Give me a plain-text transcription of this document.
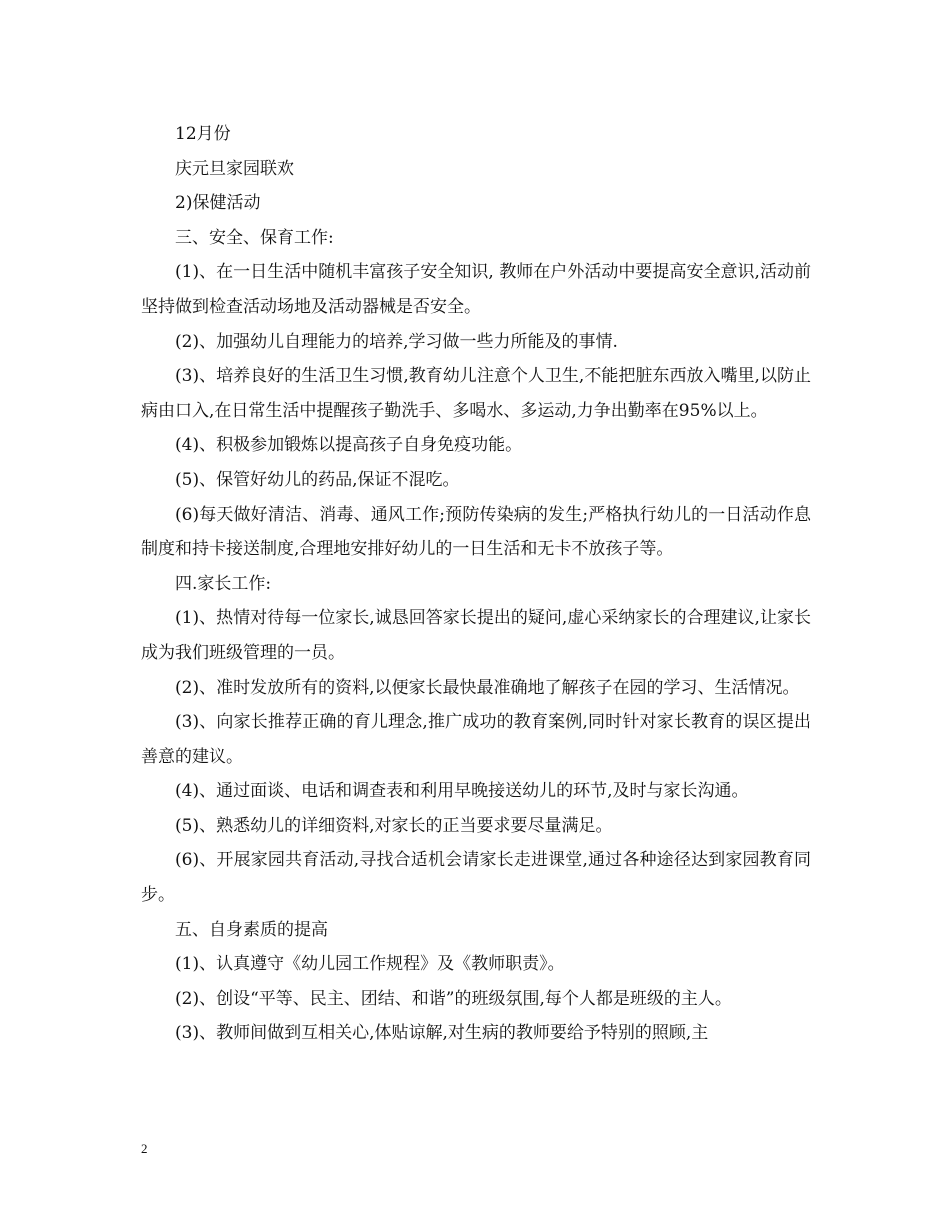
12月份

庆元旦家园联欢

2)保健活动

三、安全、保育工作:

(1)、在一日生活中随机丰富孩子安全知识, 教师在户外活动中要提高安全意识,活动前坚持做到检查活动场地及活动器械是否安全。

(2)、加强幼儿自理能力的培养,学习做一些力所能及的事情.

(3)、培养良好的生活卫生习惯,教育幼儿注意个人卫生,不能把脏东西放入嘴里,以防止病由口入,在日常生活中提醒孩子勤洗手、多喝水、多运动,力争出勤率在95%以上。

(4)、积极参加锻炼以提高孩子自身免疫功能。

(5)、保管好幼儿的药品,保证不混吃。

(6)每天做好清洁、消毒、通风工作;预防传染病的发生;严格执行幼儿的一日活动作息制度和持卡接送制度,合理地安排好幼儿的一日生活和无卡不放孩子等。

四.家长工作:

(1)、热情对待每一位家长,诚恳回答家长提出的疑问,虚心采纳家长的合理建议,让家长成为我们班级管理的一员。

(2)、准时发放所有的资料,以便家长最快最准确地了解孩子在园的学习、生活情况。

(3)、向家长推荐正确的育儿理念,推广成功的教育案例,同时针对家长教育的误区提出善意的建议。

(4)、通过面谈、电话和调查表和利用早晚接送幼儿的环节,及时与家长沟通。

(5)、熟悉幼儿的详细资料,对家长的正当要求要尽量满足。

(6)、开展家园共育活动,寻找合适机会请家长走进课堂,通过各种途径达到家园教育同步。

五、自身素质的提高

(1)、认真遵守《幼儿园工作规程》及《教师职责》。

(2)、创设“平等、民主、团结、和谐”的班级氛围,每个人都是班级的主人。

(3)、教师间做到互相关心,体贴谅解,对生病的教师要给予特别的照顾,主

2
